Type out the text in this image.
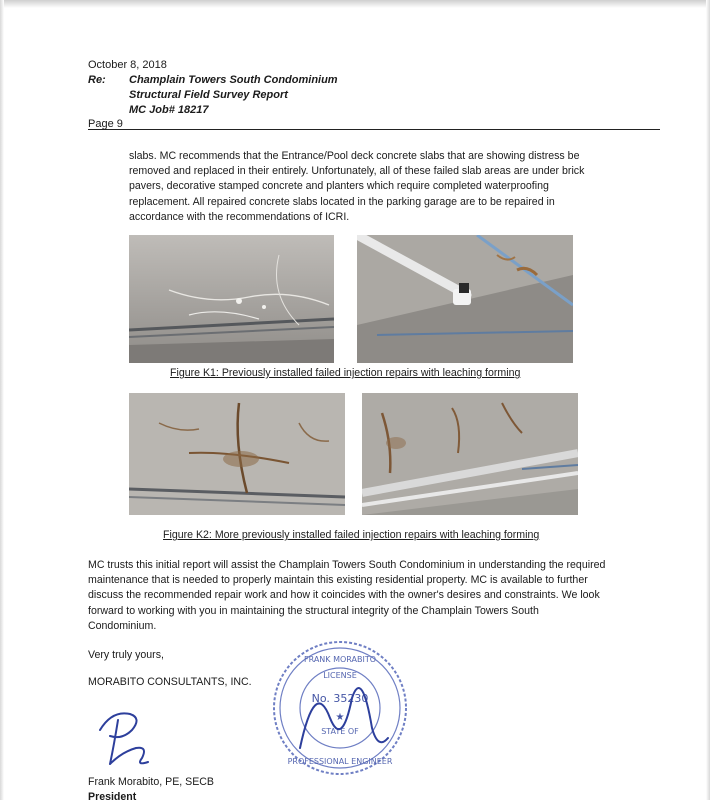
October 8, 2018
Re:	Champlain Towers South Condominium
Structural Field Survey Report
MC Job# 18217
Page 9
slabs. MC recommends that the Entrance/Pool deck concrete slabs that are showing distress be removed and replaced in their entirely. Unfortunately, all of these failed slab areas are under brick pavers, decorative stamped concrete and planters which require completed waterproofing replacement. All repaired concrete slabs located in the parking garage are to be repaired in accordance with the recommendations of ICRI.
Figure K1: Previously installed failed injection repairs with leaching forming
Figure K2: More previously installed failed injection repairs with leaching forming
MC trusts this initial report will assist the Champlain Towers South Condominium in understanding the required maintenance that is needed to properly maintain this existing residential property. MC is available to further discuss the recommended repair work and how it coincides with the owner's desires and constraints. We look forward to working with you in maintaining the structural integrity of the Champlain Towers South Condominium.
Very truly yours,
MORABITO CONSULTANTS, INC.
Frank Morabito, PE, SECB
President
FRANK MORABITO
LICENSE
No. 35230
★
STATE OF
PROFESSIONAL ENGINEER
